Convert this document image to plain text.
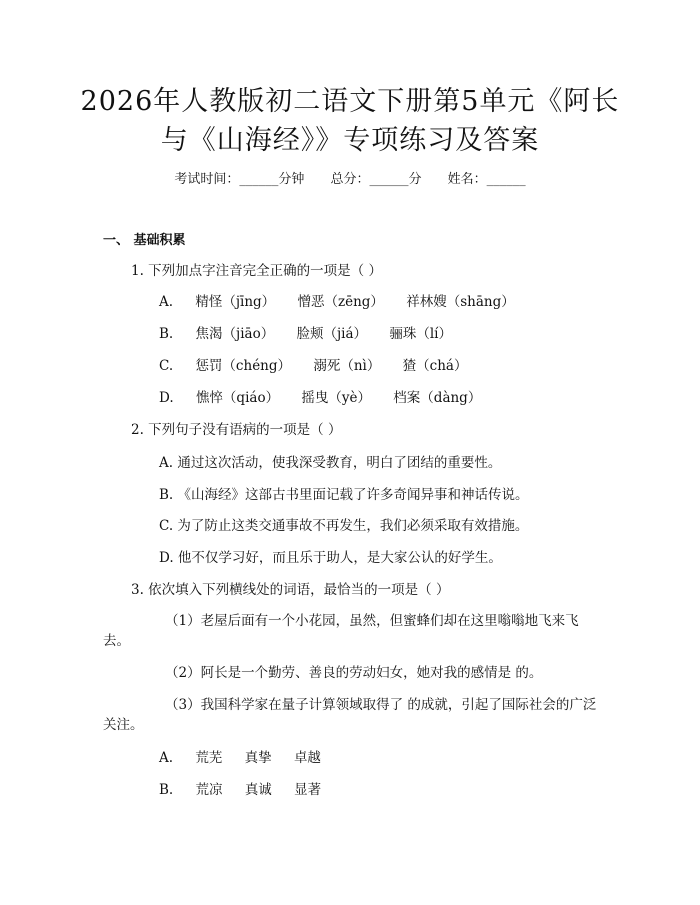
2026年人教版初二语文下册第5单元《阿长
与《山海经》》专项练习及答案
考试时间：______分钟 总分：______分 姓名：______
一、 基础积累
1. 下列加点字注音完全正确的一项是（ ）
A. 精怪（jīng） 憎恶（zēng） 祥林嫂（shāng）
B. 焦渴（jiāo） 脸颊（jiá） 骊珠（lí）
C. 惩罚（chéng） 溺死（nì） 猹（chá）
D. 憔悴（qiáo） 摇曳（yè） 档案（dàng）
2. 下列句子没有语病的一项是（ ）
A. 通过这次活动，使我深受教育，明白了团结的重要性。
B. 《山海经》这部古书里面记载了许多奇闻异事和神话传说。
C. 为了防止这类交通事故不再发生，我们必须采取有效措施。
D. 他不仅学习好，而且乐于助人，是大家公认的好学生。
3. 依次填入下列横线处的词语，最恰当的一项是（ ）
（1）老屋后面有一个小花园，虽然，但蜜蜂们却在这里嗡嗡地飞来飞
去。
（2）阿长是一个勤劳、善良的劳动妇女，她对我的感情是 的。
（3）我国科学家在量子计算领域取得了 的成就，引起了国际社会的广泛
关注。
A. 荒芜 真挚 卓越
B. 荒凉 真诚 显著
